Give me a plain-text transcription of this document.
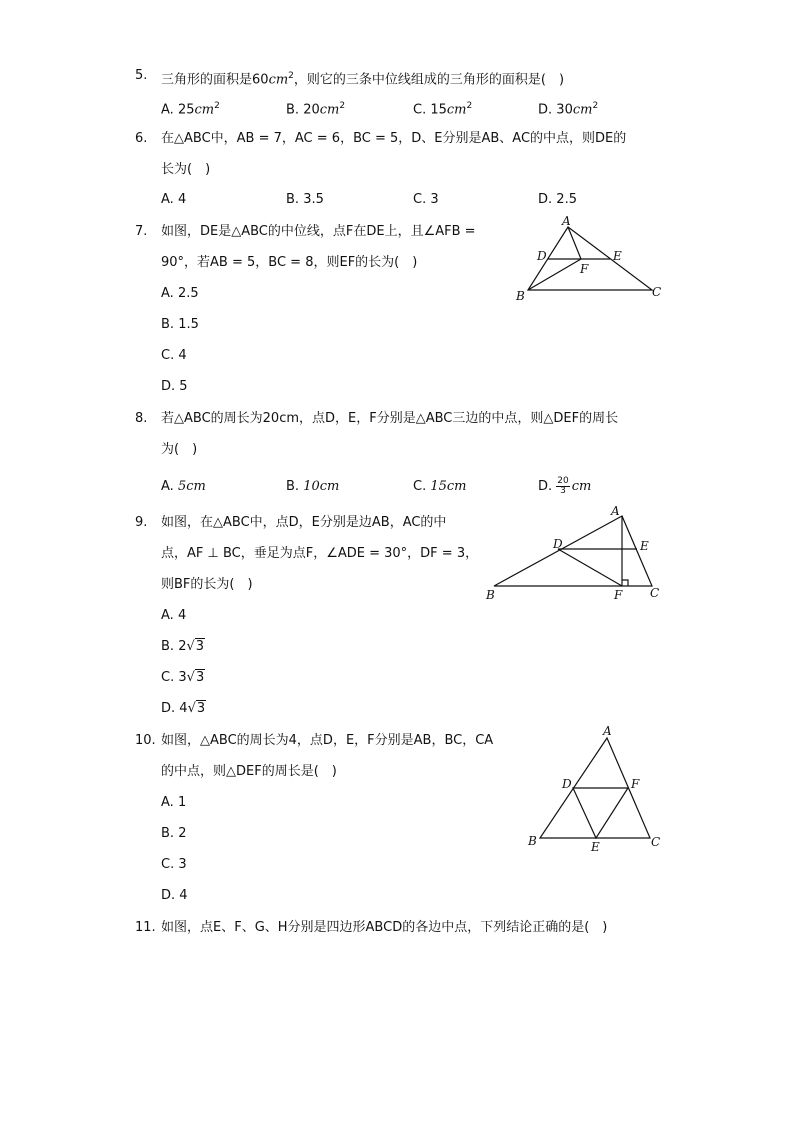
5. 三角形的面积是$60cm^2$，则它的三条中位线组成的三角形的面积是(　)
A. $25cm^2$	B. $20cm^2$	C. $15cm^2$	D. $30cm^2$
6. 在△ABC中，AB = 7，AC = 6，BC = 5，D、E分别是AB、AC的中点，则DE的
长为(　)
A. 4	B. 3.5	C. 3	D. 2.5
7. 如图，DE是△ABC的中位线，点F在DE上，且∠AFB =
90°，若AB = 5，BC = 8，则EF的长为(　)
A. 2.5
B. 1.5
C. 4
D. 5
A
B	C
D	E
F
8. 若△ABC的周长为20cm，点D，E，F分别是△ABC三边的中点，则△DEF的周长
为(　)
A. 5cm	B. 10cm	C. 15cm	D. $\frac{20}{3}$ cm
9. 如图，在△ABC中，点D，E分别是边AB，AC的中
点，AF ⊥ BC，垂足为点F，∠ADE = 30°，DF = 3，
则BF的长为(　)
A. 4
B. 2√3
C. 3√3
D. 4√3
A
B	C
D	E
F
10. 如图，△ABC的周长为4，点D，E，F分别是AB，BC，CA
的中点，则△DEF的周长是(　)
A. 1
B. 2
C. 3
D. 4
A
B	C
D
E
F
11. 如图，点E、F、G、H分别是四边形ABCD的各边中点，下列结论正确的是(　)
